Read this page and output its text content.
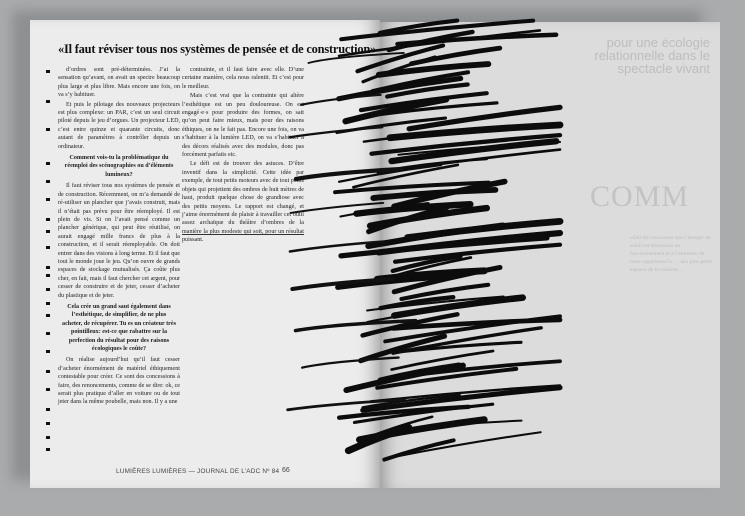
«Il faut réviser tous nos systèmes de pensée et de construction»

d’ordres sont pré-déterminées. J’ai la sensation qu’avant, on avait un spectre beaucoup plus large et plus libre. Mais encore une fois, on va s’y habituer.

Et puis le pilotage des nouveaux projecteurs est plus complexe: un PAR, c’est un seul circuit piloté depuis le jeu d’orgues. Un projecteur LED, c’est entre quinze et quarante circuits, donc autant de paramètres à contrôler depuis un ordinateur.

Comment vois-tu la problématique du réemploi des scénographies ou d’éléments lumineux?

Il faut réviser tous nos systèmes de pensée et de construction. Récemment, on m’a demandé de ré-utiliser un plancher que j’avais construit, mais il n’était pas prévu pour être réemployé. Il est plein de vis. Si on l’avait pensé comme un plancher générique, qui peut être réutilisé, on aurait engagé mille francs de plus à la construction, et il serait réemployable. On doit entrer dans des visions à long terme. Et il faut que tout le monde joue le jeu. Qu’on ouvre de grands espaces de stockage mutualisés. Ça coûte plus cher, en fait, mais il faut chercher cet argent, pour cesser de construire et de jeter, cesser d’acheter du plastique et de jeter.

Cela crée un grand saut également dans l’esthétique, de simplifier, de ne plus acheter, de récupérer. Tu es un créateur très pointilleux: est-ce que rabattre sur la perfection du résultat pour des raisons écologiques le coûte?

On réalise aujourd’hui qu’il faut cesser d’acheter énormément de matériel éthiquement contestable pour créer. Ce sont des concessions à faire, des renoncements, comme de se dire: ok, ce serait plus pratique d’aller en voiture ou de tout jeter dans la même poubelle, mais non. Il y a une

contrainte, et il faut faire avec elle. D’une certaine manière, cela nous ralentit. Et c’est pour le meilleur.

Mais c’est vrai que la contrainte qui altère l’esthétique est un peu douloureuse. On est engagé·e·s pour produire des formes, on sait qu’on peut faire mieux, mais pour des raisons éthiques, on ne le fait pas. Encore une fois, on va s’habituer à la lumière LED, on va s’habituer à des décors réalisés avec des modules, donc pas forcément parfaits etc.

Le défi est de trouver des astuces. D’être inventif dans la simplicité. Cette idée par exemple, de tout petits moteurs avec de tout petits objets qui projettent des ombres de huit mètres de haut, produit quelque chose de grandiose avec des petits moyens. Le rapport est changé, et j’aime énormément de plaisir à travailler cet outil assez archaïque du théâtre d’ombres de la manière la plus modeste qui soit, pour un résultat puissant.

LUMIÈRES LUMIÈRES — JOURNAL DE L’ADC Nº 84 66
pour une écologie relationnelle dans le spectacle vivant
COMM
«Ont-ils conscience que l’énergie du soleil est nécessaire au fonctionnement et à l’entretien de leurs organismes?» … aux plus petits espaces de la création…
